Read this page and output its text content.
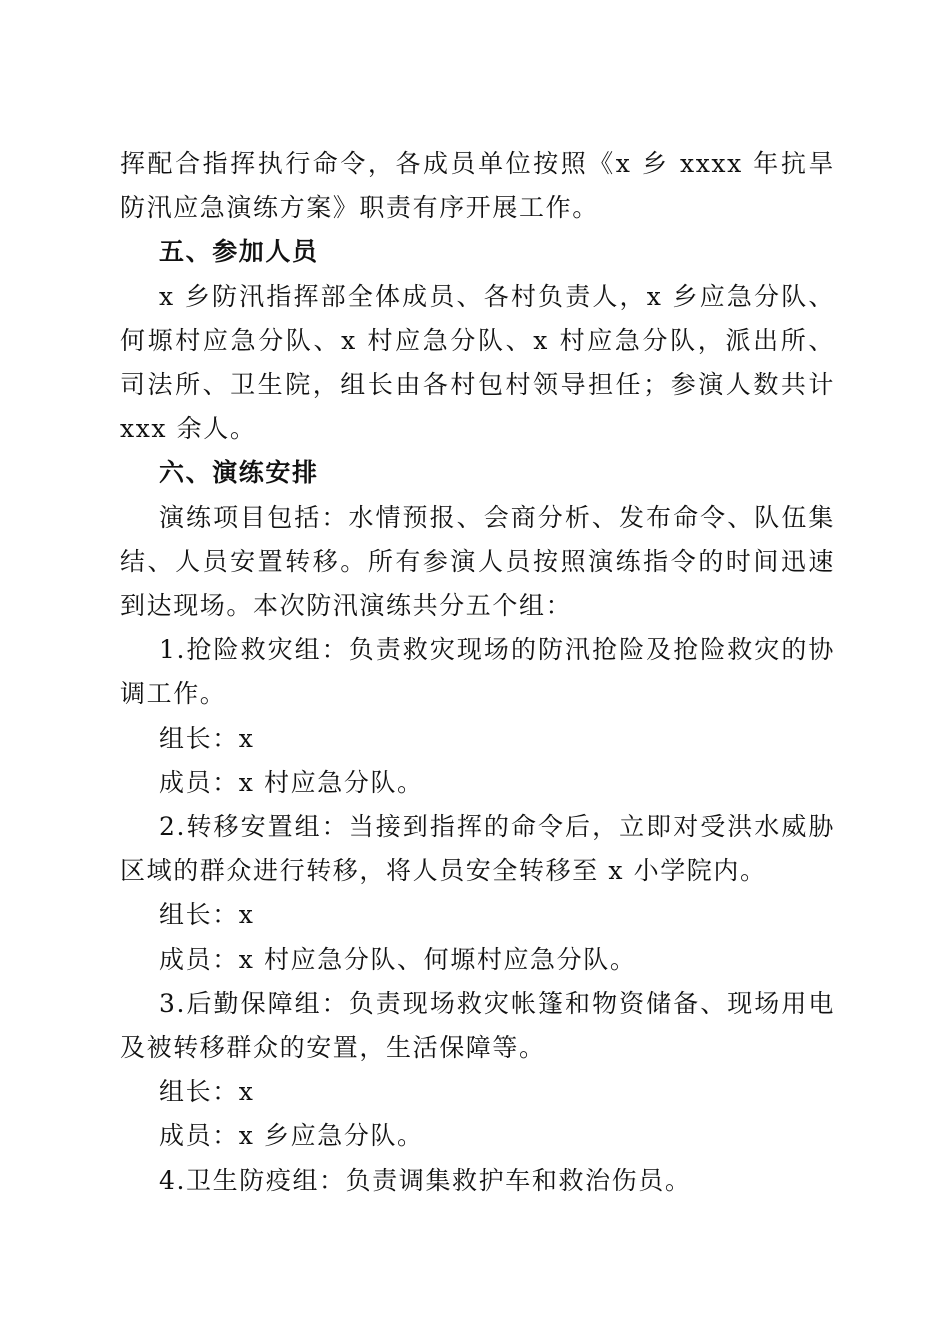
挥配合指挥执行命令，各成员单位按照《x 乡 xxxx 年抗旱防汛应急演练方案》职责有序开展工作。

五、参加人员

x 乡防汛指挥部全体成员、各村负责人，x 乡应急分队、何塬村应急分队、x 村应急分队、x 村应急分队，派出所、司法所、卫生院，组长由各村包村领导担任；参演人数共计 xxx 余人。

六、演练安排

演练项目包括：水情预报、会商分析、发布命令、队伍集结、人员安置转移。所有参演人员按照演练指令的时间迅速到达现场。本次防汛演练共分五个组：

1.抢险救灾组：负责救灾现场的防汛抢险及抢险救灾的协调工作。

组长：x

成员：x 村应急分队。

2.转移安置组：当接到指挥的命令后，立即对受洪水威胁区域的群众进行转移，将人员安全转移至 x 小学院内。

组长：x

成员：x 村应急分队、何塬村应急分队。

3.后勤保障组：负责现场救灾帐篷和物资储备、现场用电及被转移群众的安置，生活保障等。

组长：x

成员：x 乡应急分队。

4.卫生防疫组：负责调集救护车和救治伤员。
